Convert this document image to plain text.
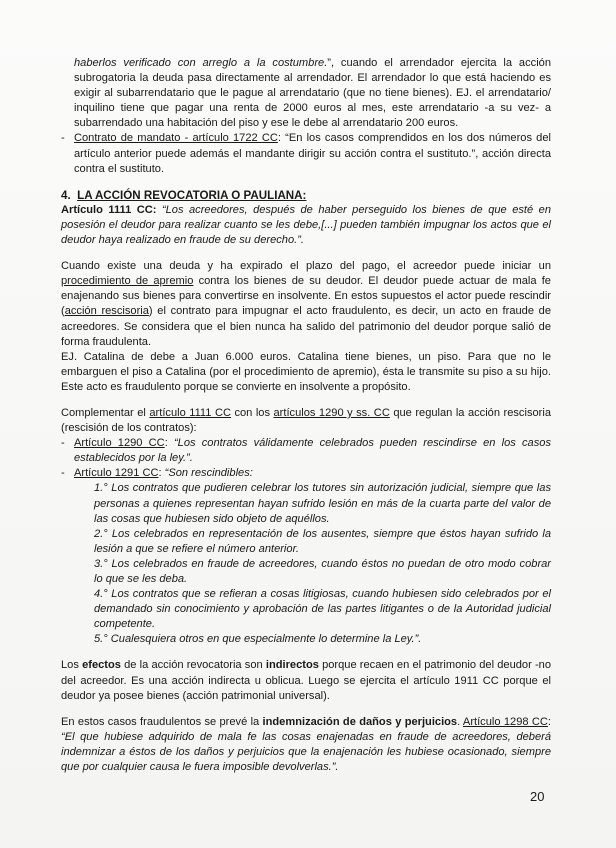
haberlos verificado con arreglo a la costumbre.”, cuando el arrendador ejercita la acción subrogatoria la deuda pasa directamente al arrendador. El arrendador lo que está haciendo es exigir al subarrendatario que le pague al arrendatario (que no tiene bienes). EJ. el arrendatario/ inquilino tiene que pagar una renta de 2000 euros al mes, este arrendatario -a su vez- a subarrendado una habitación del piso y ese le debe al arrendatario 200 euros.

- Contrato de mandato - artículo 1722 CC: “En los casos comprendidos en los dos números del artículo anterior puede además el mandante dirigir su acción contra el sustituto.”, acción directa contra el sustituto.

4. LA ACCIÓN REVOCATORIA O PAULIANA:

Artículo 1111 CC: “Los acreedores, después de haber perseguido los bienes de que esté en posesión el deudor para realizar cuanto se les debe,[...] pueden también impugnar los actos que el deudor haya realizado en fraude de su derecho.”.

Cuando existe una deuda y ha expirado el plazo del pago, el acreedor puede iniciar un procedimiento de apremio contra los bienes de su deudor. El deudor puede actuar de mala fe enajenando sus bienes para convertirse en insolvente. En estos supuestos el actor puede rescindir (acción rescisoria) el contrato para impugnar el acto fraudulento, es decir, un acto en fraude de acreedores. Se considera que el bien nunca ha salido del patrimonio del deudor porque salió de forma fraudulenta.

EJ. Catalina de debe a Juan 6.000 euros. Catalina tiene bienes, un piso. Para que no le embarguen el piso a Catalina (por el procedimiento de apremio), ésta le transmite su piso a su hijo. Este acto es fraudulento porque se convierte en insolvente a propósito.

Complementar el artículo 1111 CC con los artículos 1290 y ss. CC que regulan la acción rescisoria (rescisión de los contratos):

- Artículo 1290 CC: “Los contratos válidamente celebrados pueden rescindirse en los casos establecidos por la ley.”.

- Artículo 1291 CC: “Son rescindibles:

1.° Los contratos que pudieren celebrar los tutores sin autorización judicial, siempre que las personas a quienes representan hayan sufrido lesión en más de la cuarta parte del valor de las cosas que hubiesen sido objeto de aquéllos.

2.° Los celebrados en representación de los ausentes, siempre que éstos hayan sufrido la lesión a que se refiere el número anterior.

3.° Los celebrados en fraude de acreedores, cuando éstos no puedan de otro modo cobrar lo que se les deba.

4.° Los contratos que se refieran a cosas litigiosas, cuando hubiesen sido celebrados por el demandado sin conocimiento y aprobación de las partes litigantes o de la Autoridad judicial competente.

5.° Cualesquiera otros en que especialmente lo determine la Ley.”.

Los efectos de la acción revocatoria son indirectos porque recaen en el patrimonio del deudor -no del acreedor. Es una acción indirecta u oblicua. Luego se ejercita el artículo 1911 CC porque el deudor ya posee bienes (acción patrimonial universal).

En estos casos fraudulentos se prevé la indemnización de daños y perjuicios. Artículo 1298 CC: “El que hubiese adquirido de mala fe las cosas enajenadas en fraude de acreedores, deberá indemnizar a éstos de los daños y perjuicios que la enajenación les hubiese ocasionado, siempre que por cualquier causa le fuera imposible devolverlas.”.

20
